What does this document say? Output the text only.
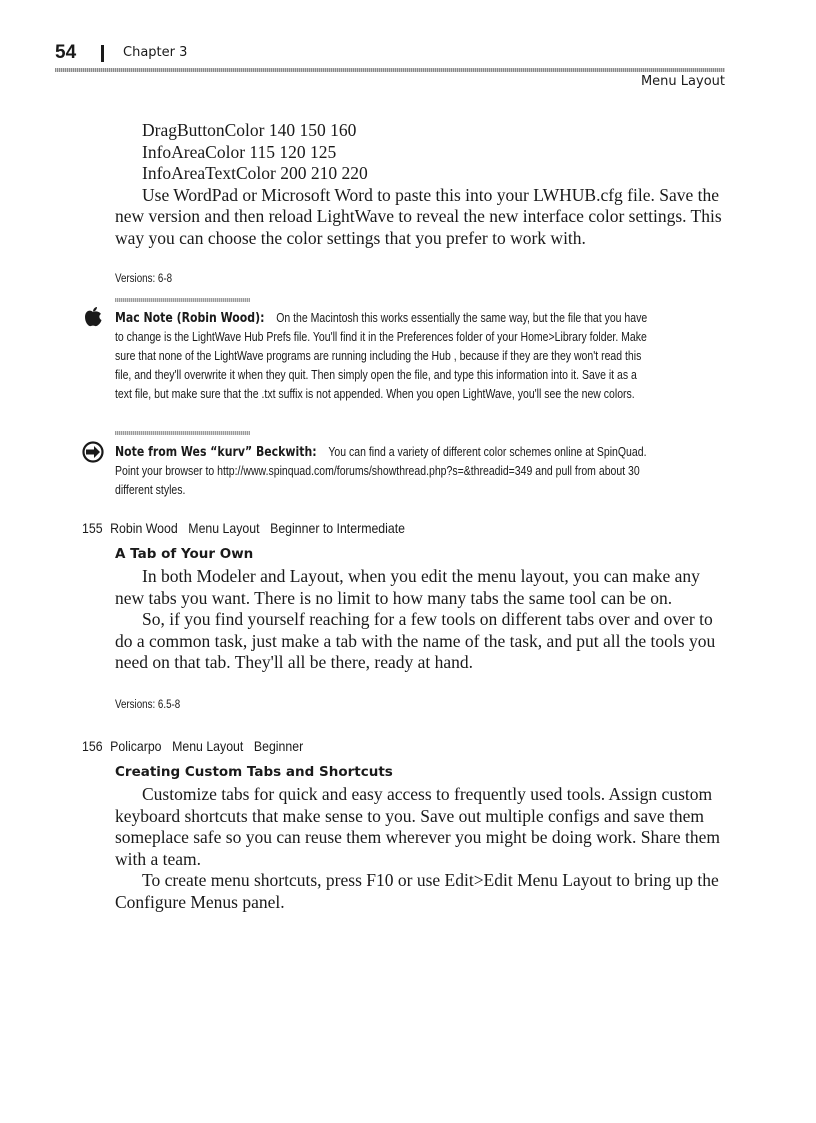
54	Chapter 3
Menu Layout

DragButtonColor 140 150 160

InfoAreaColor 115 120 125

InfoAreaTextColor 200 210 220

Use WordPad or Microsoft Word to paste this into your LWHUB.cfg file. Save the new version and then reload LightWave to reveal the new interface color settings. This way you can choose the color settings that you prefer to work with.

Versions: 6-8
Mac Note (Robin Wood): On the Macintosh this works essentially the same way, but the file that you have to change is the LightWave Hub Prefs file. You'll find it in the Preferences folder of your Home>Library folder. Make sure that none of the LightWave programs are running including the Hub , because if they are they won't read this file, and they'll overwrite it when they quit. Then simply open the file, and type this information into it. Save it as a text file, but make sure that the .txt suffix is not appended. When you open LightWave, you'll see the new colors.
Note from Wes “kurv” Beckwith: You can find a variety of different color schemes online at SpinQuad. Point your browser to http://www.spinquad.com/forums/showthread.php?s=&threadid=349 and pull from about 30 different styles.
155 Robin Wood Menu Layout Beginner to Intermediate
A Tab of Your Own

In both Modeler and Layout, when you edit the menu layout, you can make any new tabs you want. There is no limit to how many tabs the same tool can be on.

So, if you find yourself reaching for a few tools on different tabs over and over to do a common task, just make a tab with the name of the task, and put all the tools you need on that tab. They'll all be there, ready at hand.

Versions: 6.5-8
156 Policarpo Menu Layout Beginner
Creating Custom Tabs and Shortcuts

Customize tabs for quick and easy access to frequently used tools. Assign custom keyboard shortcuts that make sense to you. Save out multiple configs and save them someplace safe so you can reuse them wherever you might be doing work. Share them with a team.

To create menu shortcuts, press F10 or use Edit>Edit Menu Layout to bring up the Configure Menus panel.
